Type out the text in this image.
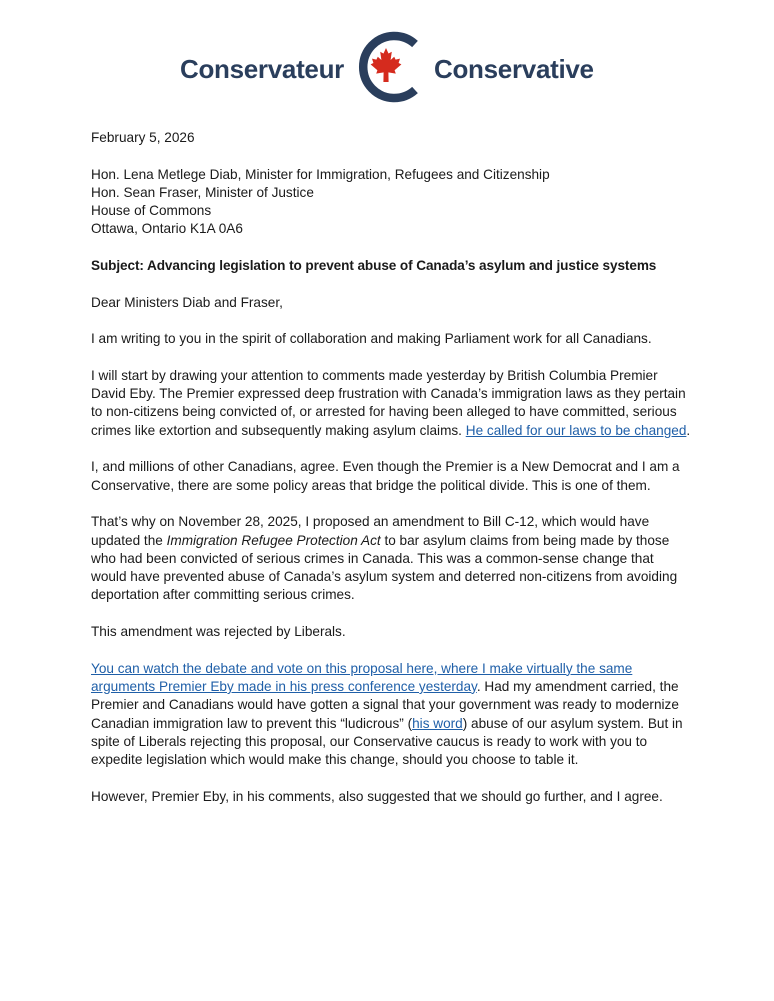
Conservateur	Conservative

February 5, 2026

Hon. Lena Metlege Diab, Minister for Immigration, Refugees and Citizenship
Hon. Sean Fraser, Minister of Justice
House of Commons
Ottawa, Ontario K1A 0A6

Subject: Advancing legislation to prevent abuse of Canada’s asylum and justice systems

Dear Ministers Diab and Fraser,

I am writing to you in the spirit of collaboration and making Parliament work for all Canadians.

I will start by drawing your attention to comments made yesterday by British Columbia Premier David Eby. The Premier expressed deep frustration with Canada’s immigration laws as they pertain to non-citizens being convicted of, or arrested for having been alleged to have committed, serious crimes like extortion and subsequently making asylum claims. He called for our laws to be changed.

I, and millions of other Canadians, agree. Even though the Premier is a New Democrat and I am a Conservative, there are some policy areas that bridge the political divide. This is one of them.

That’s why on November 28, 2025, I proposed an amendment to Bill C-12, which would have updated the Immigration Refugee Protection Act to bar asylum claims from being made by those who had been convicted of serious crimes in Canada. This was a common-sense change that would have prevented abuse of Canada’s asylum system and deterred non-citizens from avoiding deportation after committing serious crimes.

This amendment was rejected by Liberals.

You can watch the debate and vote on this proposal here, where I make virtually the same arguments Premier Eby made in his press conference yesterday. Had my amendment carried, the Premier and Canadians would have gotten a signal that your government was ready to modernize Canadian immigration law to prevent this “ludicrous” (his word) abuse of our asylum system. But in spite of Liberals rejecting this proposal, our Conservative caucus is ready to work with you to expedite legislation which would make this change, should you choose to table it.

However, Premier Eby, in his comments, also suggested that we should go further, and I agree.
